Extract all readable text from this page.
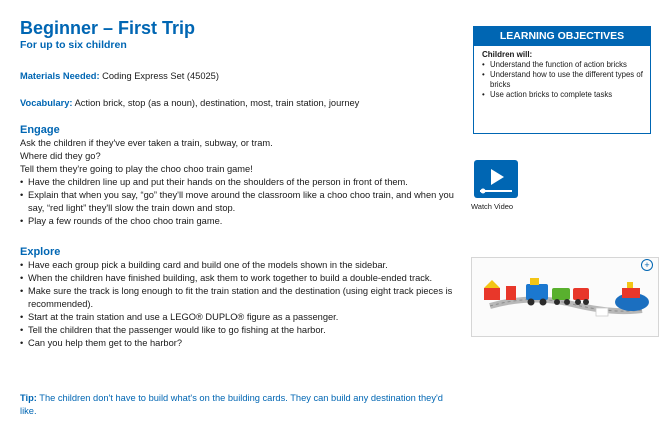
Beginner – First Trip

For up to six children

Materials Needed: Coding Express Set (45025)

Vocabulary: Action brick, stop (as a noun), destination, most, train station, journey

Engage

Ask the children if they've ever taken a train, subway, or tram.

Where did they go?

Tell them they're going to play the choo choo train game!

• Have the children line up and put their hands on the shoulders of the person in front of them.
• Explain that when you say, “go” they'll move around the classroom like a choo choo train, and when you say, “red light” they'll slow the train down and stop.
• Play a few rounds of the choo choo train game.
Explore
• Have each group pick a building card and build one of the models shown in the sidebar.
• When the children have finished building, ask them to work together to build a double-ended track.
• Make sure the track is long enough to fit the train station and the destination (using eight track pieces is recommended).
• Start at the train station and use a LEGO® DUPLO® figure as a passenger.
• Tell the children that the passenger would like to go fishing at the harbor.
• Can you help them get to the harbor?

Tip: The children don't have to build what's on the building cards. They can build any destination they'd like.

LEARNING OBJECTIVES

Children will:

• Understand the function of action bricks
• Understand how to use the different types of bricks
• Use action bricks to complete tasks
Watch Video
+
